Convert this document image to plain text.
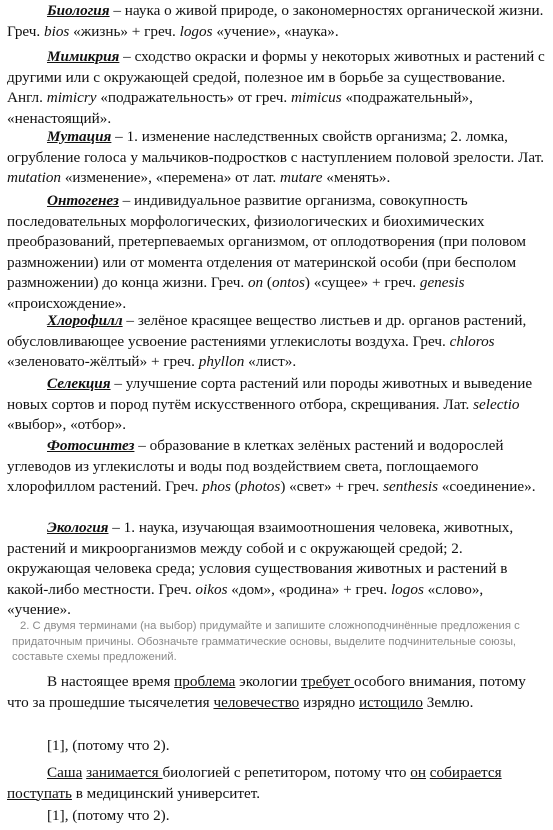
Биология – наука о живой природе, о закономерностях органической жизни. Греч. bios «жизнь» + греч. logos «учение», «наука».

Мимикрия – сходство окраски и формы у некоторых животных и растений с другими или с окружающей средой, полезное им в борьбе за существование. Англ. mimicry «подражательность» от греч. mimicus «подражательный», «ненастоящий».

Мутация – 1. изменение наследственных свойств организма; 2. ломка, огрубление голоса у мальчиков-подростков с наступлением половой зрелости. Лат. mutation «изменение», «перемена» от лат. mutare «менять».

Онтогенез – индивидуальное развитие организма, совокупность последовательных морфологических, физиологических и биохимических преобразований, претерпеваемых организмом, от оплодотворения (при половом размножении) или от момента отделения от материнской особи (при бесполом размножении) до конца жизни. Греч. on (ontos) «сущее» + греч. genesis «происхождение».

Хлорофилл – зелёное красящее вещество листьев и др. органов растений, обусловливающее усвоение растениями углекислоты воздуха. Греч. chloros «зеленовато-жёлтый» + греч. phyllon «лист».

Селекция – улучшение сорта растений или породы животных и выведение новых сортов и пород путём искусственного отбора, скрещивания. Лат. selectio «выбор», «отбор».

Фотосинтез – образование в клетках зелёных растений и водорослей углеводов из углекислоты и воды под воздействием света, поглощаемого хлорофиллом растений. Греч. phos (photos) «свет» + греч. senthesis «соединение».

Экология – 1. наука, изучающая взаимоотношения человека, животных, растений и микроорганизмов между собой и с окружающей средой; 2. окружающая человека среда; условия существования животных и растений в какой-либо местности. Греч. oikos «дом», «родина» + греч. logos «слово», «учение».

2. С двумя терминами (на выбор) придумайте и запишите сложноподчинённые предложения с придаточным причины. Обозначьте грамматические основы, выделите подчинительные союзы, составьте схемы предложений.

В настоящее время проблема экологии требует особого внимания, потому что за прошедшие тысячелетия человечество изрядно истощило Землю.

[1], (потому что 2).

Саша занимается биологией с репетитором, потому что он собирается поступать в медицинский университет.

[1], (потому что 2).
